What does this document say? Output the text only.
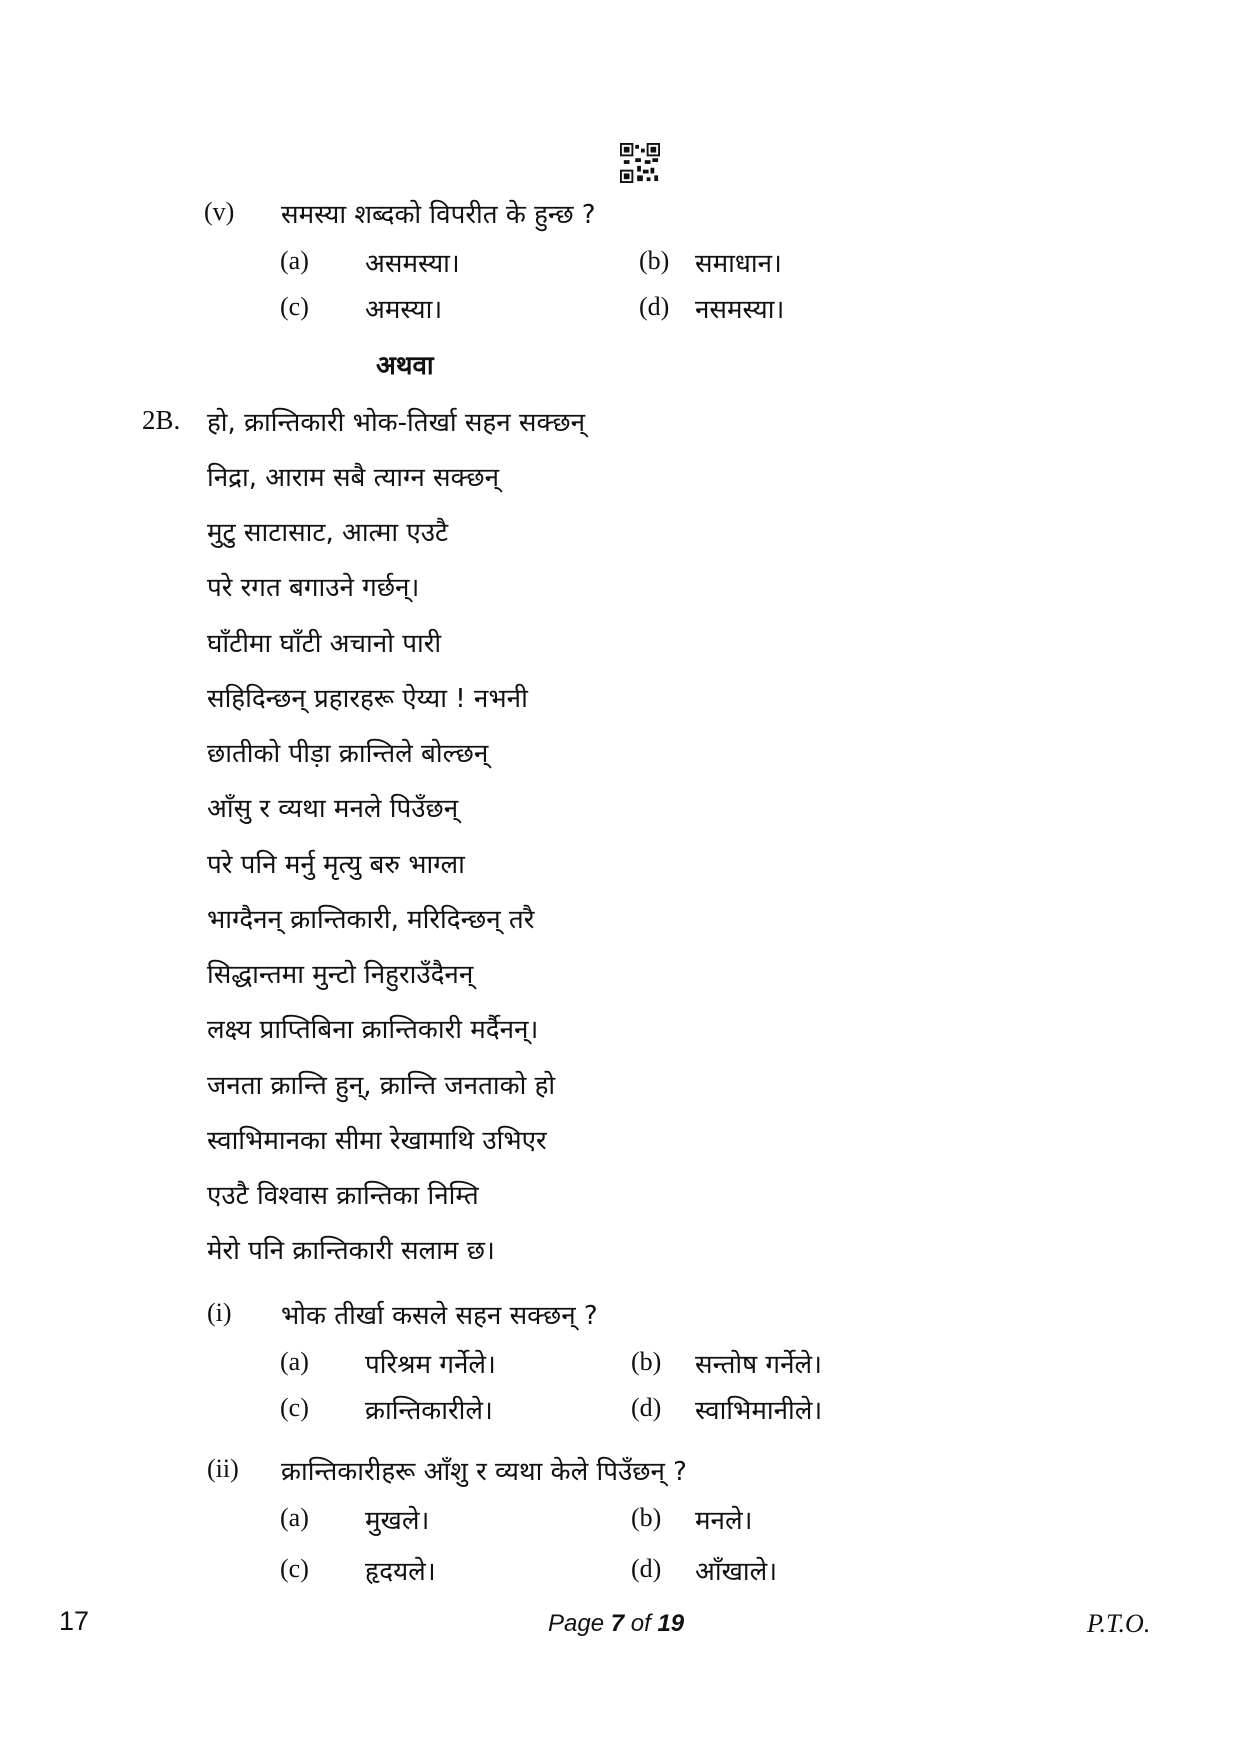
(v) समस्या शब्दको विपरीत के हुन्छ ?
(a) असमस्या।	(b) समाधान।
(c) अमस्या।	(d) नसमस्या।
अथवा
2B. हो, क्रान्तिकारी भोक-तिर्खा सहन सक्छन्
निद्रा, आराम सबै त्याग्न सक्छन्
मुटु साटासाट, आत्मा एउटै
परे रगत बगाउने गर्छन्।
घाँटीमा घाँटी अचानो पारी
सहिदिन्छन् प्रहारहरू ऐय्या ! नभनी
छातीको पीड़ा क्रान्तिले बोल्छन्
आँसु र व्यथा मनले पिउँछन्
परे पनि मर्नु मृत्यु बरु भाग्ला
भाग्दैनन् क्रान्तिकारी, मरिदिन्छन् तरै
सिद्धान्तमा मुन्टो निहुराउँदैनन्
लक्ष्य प्राप्तिबिना क्रान्तिकारी मर्दैनन्।
जनता क्रान्ति हुन्, क्रान्ति जनताको हो
स्वाभिमानका सीमा रेखामाथि उभिएर
एउटै विश्वास क्रान्तिका निम्ति
मेरो पनि क्रान्तिकारी सलाम छ।
(i) भोक तीर्खा कसले सहन सक्छन् ?
(a) परिश्रम गर्नेले।	(b) सन्तोष गर्नेले।
(c) क्रान्तिकारीले।	(d) स्वाभिमानीले।
(ii) क्रान्तिकारीहरू आँशु र व्यथा केले पिउँछन् ?
(a) मुखले।	(b) मनले।
(c) हृदयले।	(d) आँखाले।
17	Page 7 of 19	P.T.O.
